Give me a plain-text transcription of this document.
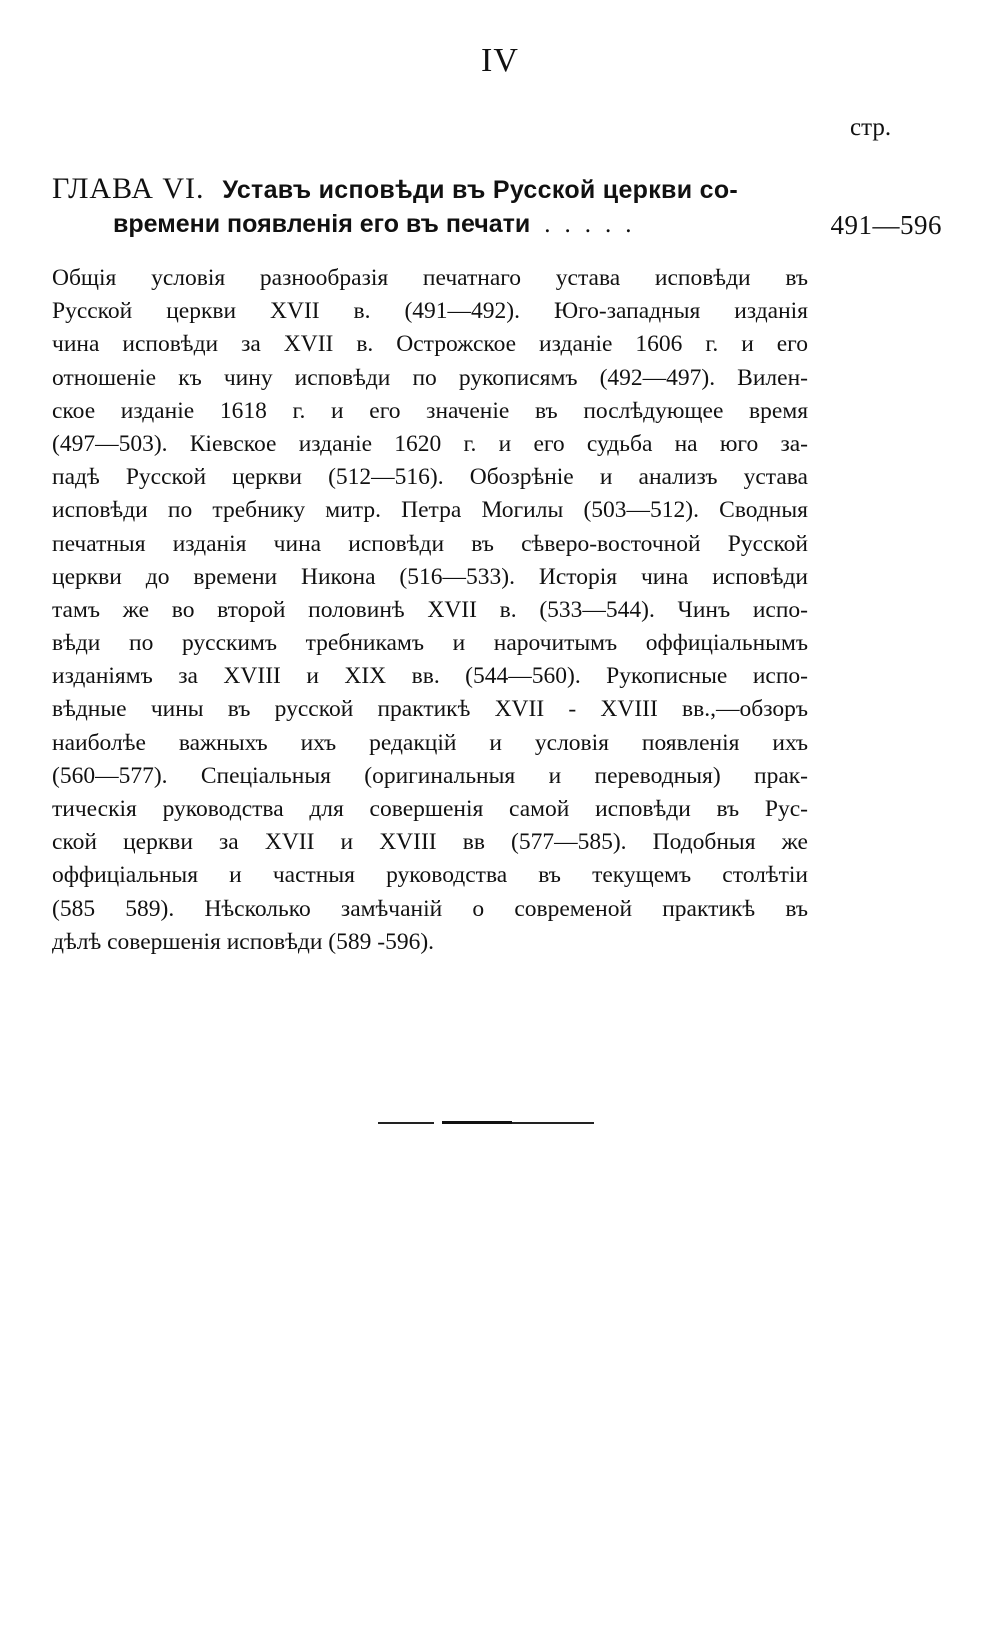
IV
стр.
ГЛАВА VI. Уставъ исповѣди въ Русской церкви со-
времени появленія его въ печати .....	491—596
Общія условія разнообразія печатнаго устава исповѣди въ
Русской церкви XVII в. (491—492). Юго-западныя изданія
чина исповѣди за XVII в. Острожское изданіе 1606 г. и его
отношеніе къ чину исповѣди по рукописямъ (492—497). Вилен-
ское изданіе 1618 г. и его значеніе въ послѣдующее время
(497—503). Кіевское изданіе 1620 г. и его судьба на юго за-
падѣ Русской церкви (512—516). Обозрѣніе и анализъ устава
исповѣди по требнику митр. Петра Могилы (503—512). Сводныя
печатныя изданія чина исповѣди въ сѣверо-восточной Русской
церкви до времени Никона (516—533). Исторія чина исповѣди
тамъ же во второй половинѣ XVII в. (533—544). Чинъ испо-
вѣди по русскимъ требникамъ и нарочитымъ оффиціальнымъ
изданіямъ за XVIII и XIX вв. (544—560). Рукописные испо-
вѣдные чины въ русской практикѣ XVII - XVIII вв.,—обзоръ
наиболѣе важныхъ ихъ редакцій и условія появленія ихъ
(560—577). Спеціальныя (оригинальныя и переводныя) прак-
тическія руководства для совершенія самой исповѣди въ Рус-
ской церкви за XVII и XVIII вв (577—585). Подобныя же
оффиціальныя и частныя руководства въ текущемъ столѣтіи
(585 589). Нѣсколько замѣчаній о современой практикѣ въ
дѣлѣ совершенія исповѣди (589 -596).
